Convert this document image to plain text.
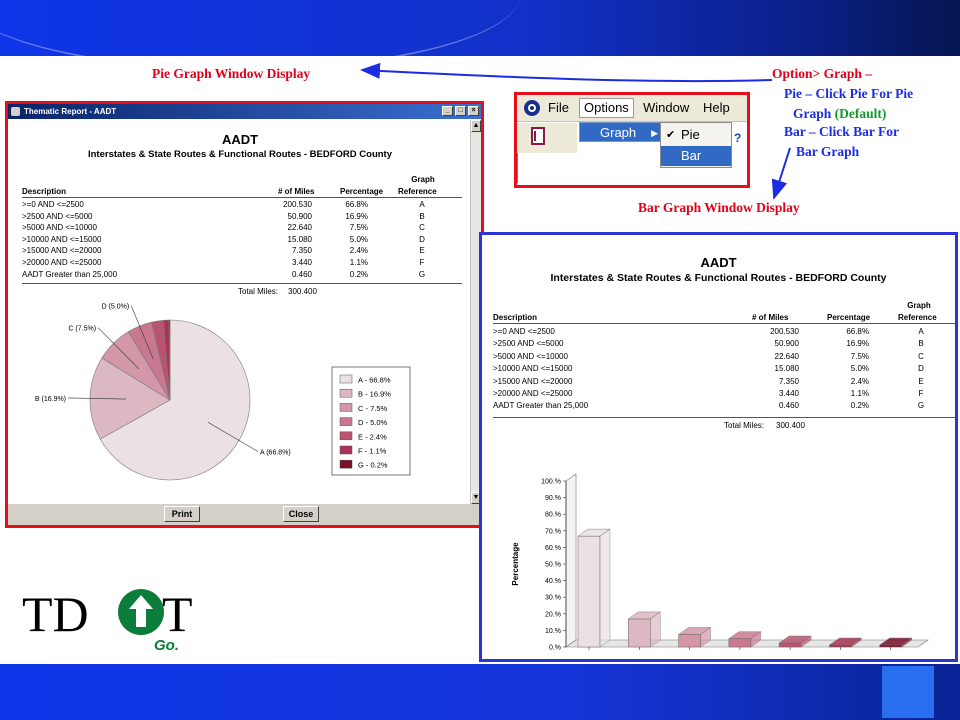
Pie Graph Window Display
Bar Graph Window Display
Option> Graph –
Pie – Click Pie For Pie
Graph (Default)
Bar – Click Bar For
Bar Graph
Thematic Report - AADT	_	□	×
AADT
Interstates & State Routes & Functional Routes - BEDFORD County
Description	# of Miles	Percentage
Graph
Reference
>=0 AND <=2500	200.530	66.8%	A
>2500 AND <=5000	50.900	16.9%	B
>5000 AND <=10000	22.640	7.5%	C
>10000 AND <=15000	15.080	5.0%	D
>15000 AND <=20000	7.350	2.4%	E
>20000 AND <=25000	3.440	1.1%	F
AADT Greater than 25,000	0.460	0.2%	G
Total Miles: 300.400
A (66.8%)
B (16.9%)
C (7.5%)
D (5.0%)
A - 66.8%
B - 16.9%
C - 7.5%
D - 5.0%
E - 2.4%
F - 1.1%
G - 0.2%
▲
▼
Print	Close
File	Options	Window Help
Graph ▶ ✔ Pie
Bar
?
AADT
Interstates & State Routes & Functional Routes - BEDFORD County
Description	# of Miles	Percentage
Graph
Reference
>=0 AND <=2500	200.530	66.8%	A
>2500 AND <=5000	50.900	16.9%	B
>5000 AND <=10000	22.640	7.5%	C
>10000 AND <=15000	15.080	5.0%	D
>15000 AND <=20000	7.350	2.4%	E
>20000 AND <=25000	3.440	1.1%	F
AADT Greater than 25,000	0.460	0.2%	G
Total Miles: 300.400
0.%
10.%
20.%
30.%
40.%
50.%
60.%
70.%
80.%
90.%
100.%
Percentage
TD T
Go.
